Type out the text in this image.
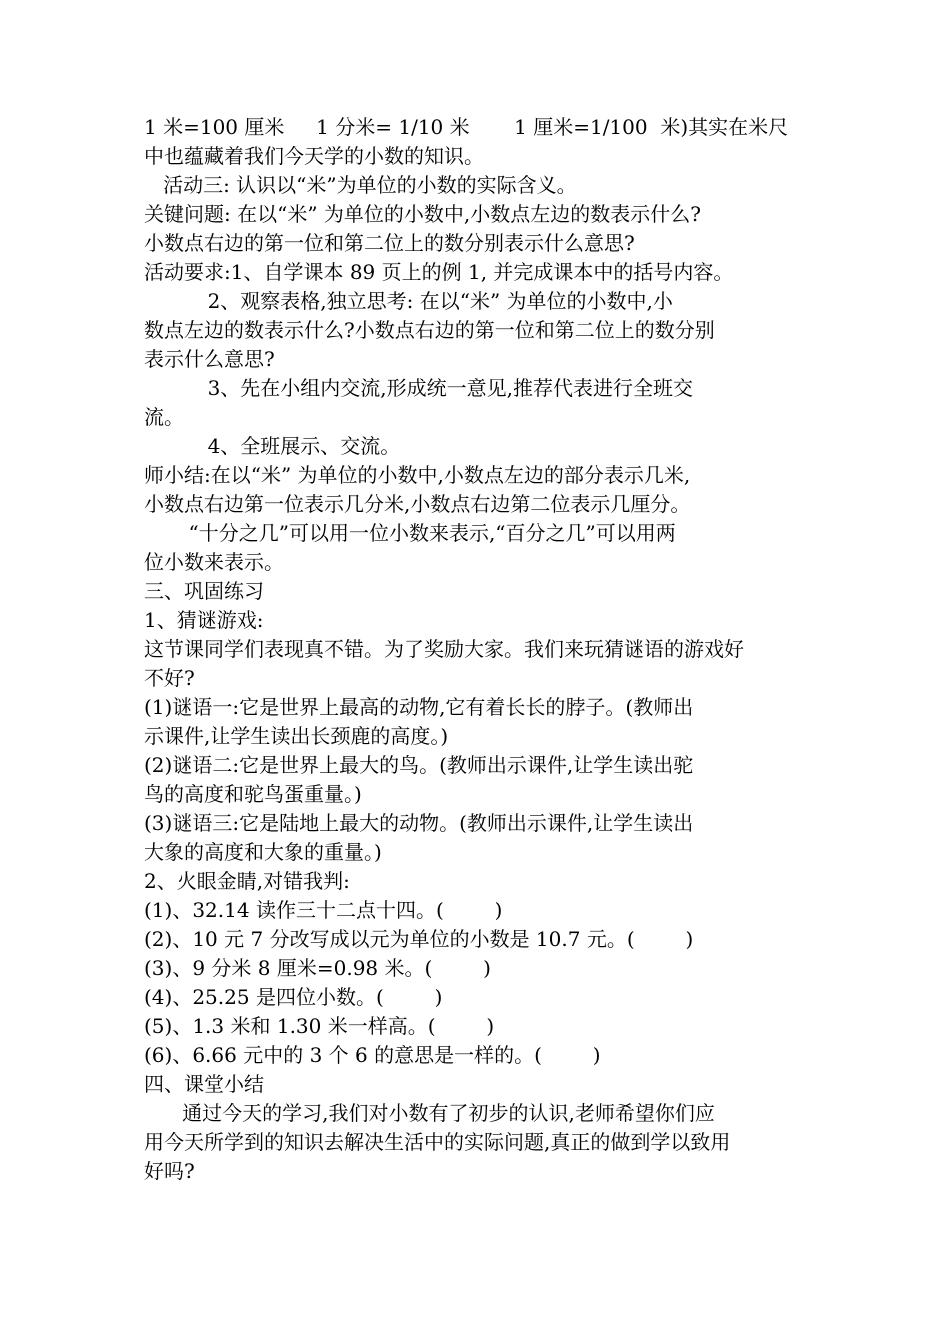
1 米=100 厘米     1 分米= 1/10 米       1 厘米=1/100  米)其实在米尺
中也蕴藏着我们今天学的小数的知识。
活动三: 认识以“米”为单位的小数的实际含义。
关键问题: 在以“米” 为单位的小数中,小数点左边的数表示什么?
小数点右边的第一位和第二位上的数分别表示什么意思?
活动要求:1、自学课本 89 页上的例 1, 并完成课本中的括号内容。
2、观察表格,独立思考: 在以“米” 为单位的小数中,小
数点左边的数表示什么?小数点右边的第一位和第二位上的数分别
表示什么意思?
3、先在小组内交流,形成统一意见,推荐代表进行全班交
流。
4、全班展示、交流。
师小结:在以“米” 为单位的小数中,小数点左边的部分表示几米,
小数点右边第一位表示几分米,小数点右边第二位表示几厘分。
“十分之几”可以用一位小数来表示,“百分之几”可以用两
位小数来表示。
三、巩固练习
1、猜谜游戏:
这节课同学们表现真不错。为了奖励大家。我们来玩猜谜语的游戏好
不好?
(1)谜语一:它是世界上最高的动物,它有着长长的脖子。(教师出
示课件,让学生读出长颈鹿的高度。)
(2)谜语二:它是世界上最大的鸟。(教师出示课件,让学生读出驼
鸟的高度和驼鸟蛋重量。)
(3)谜语三:它是陆地上最大的动物。(教师出示课件,让学生读出
大象的高度和大象的重量。)
2、火眼金睛,对错我判:
(1)、32.14 读作三十二点十四。(        )
(2)、10 元 7 分改写成以元为单位的小数是 10.7 元。(        )
(3)、9 分米 8 厘米=0.98 米。(        )
(4)、25.25 是四位小数。(        )
(5)、1.3 米和 1.30 米一样高。(        )
(6)、6.66 元中的 3 个 6 的意思是一样的。(        )
四、课堂小结
通过今天的学习,我们对小数有了初步的认识,老师希望你们应
用今天所学到的知识去解决生活中的实际问题,真正的做到学以致用
好吗?
